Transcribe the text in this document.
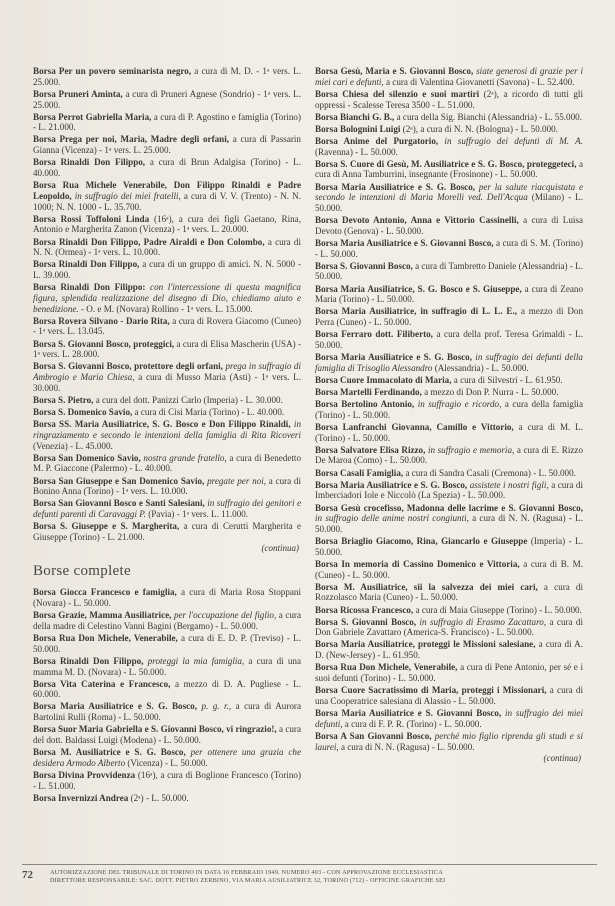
Borsa Per un povero seminarista negro, a cura di M. D. - 1ᵃ vers. L. 25.000.

Borsa Pruneri Aminta, a cura di Pruneri Agnese (Sondrio) - 1ᵃ vers. L. 25.000.

Borsa Perrot Gabriella Maria, a cura di P. Agostino e famiglia (Torino) - L. 21.000.

Borsa Prega per noi, Maria, Madre degli orfani, a cura di Passarin Gianna (Vicenza) - 1ᵃ vers. L. 25.000.

Borsa Rinaldi Don Filippo, a cura di Brun Adalgisa (Torino) - L. 40.000.

Borsa Rua Michele Venerabile, Don Filippo Rinaldi e Padre Leopoldo, in suffragio dei miei fratelli, a cura di V. V. (Trento) - N. N. 1000; N. N. 1000 - L. 35.700.

Borsa Rossi Toffoloni Linda (16ᵃ), a cura dei figli Gaetano, Rina, Antonio e Margherita Zanon (Vicenza) - 1ᵃ vers. L. 20.000.

Borsa Rinaldi Don Filippo, Padre Airaldi e Don Colombo, a cura di N. N. (Ormea) - 1ᵃ vers. L. 10.000.

Borsa Rinaldi Don Filippo, a cura di un gruppo di amici. N. N. 5000 - L. 39.000.

Borsa Rinaldi Don Filippo: con l'intercessione di questa magnifica figura, splendida realizzazione del disegno di Dio, chiediamo aiuto e benedizione. - O. e M. (Novara) Rollino - 1ᵃ vers. L. 15.000.

Borsa Rovera Silvano - Dario Rita, a cura di Rovera Giacomo (Cuneo) - 1ᵃ vers. L. 13.045.

Borsa S. Giovanni Bosco, proteggici, a cura di Elisa Mascherin (USA) - 1ᵃ vers. L. 28.000.

Borsa S. Giovanni Bosco, protettore degli orfani, prega in suffragio di Ambrogio e Maria Chiesa, a cura di Musso Maria (Asti) - 1ᵃ vers. L. 30.000.

Borsa S. Pietro, a cura del dott. Panizzi Carlo (Imperia) - L. 30.000.

Borsa S. Domenico Savio, a cura di Cisi Maria (Torino) - L. 40.000.

Borsa SS. Maria Ausiliatrice, S. G. Bosco e Don Filippo Rinaldi, in ringraziamento e secondo le intenzioni della famiglia di Rita Ricoveri (Venezia) - L. 45.000.

Borsa San Domenico Savio, nostra grande fratello, a cura di Benedetto M. P. Giaccone (Palermo) - L. 40.000.

Borsa San Giuseppe e San Domenico Savio, pregate per noi, a cura di Bonino Anna (Torino) - 1ᵃ vers. L. 10.000.

Borsa San Giovanni Bosco e Santi Salesiani, in suffragio dei genitori e defunti parenti di Caravaggi P. (Pavia) - 1ᵃ vers. L. 11.000.

Borsa S. Giuseppe e S. Margherita, a cura di Cerutti Margherita e Giuseppe (Torino) - L. 21.000.

(continua)
Borse complete

Borsa Giocca Francesco e famiglia, a cura di Maria Rosa Stoppani (Novara) - L. 50.000.

Borsa Grazie, Mamma Ausiliatrice, per l'occupazione del figlio, a cura della madre di Celestino Vanni Bagini (Bergamo) - L. 50.000.

Borsa Rua Don Michele, Venerabile, a cura di E. D. P. (Treviso) - L. 50.000.

Borsa Rinaldi Don Filippo, proteggi la mia famiglia, a cura di una mamma M. D. (Novara) - L. 50.000.

Borsa Vita Caterina e Francesco, a mezzo di D. A. Pugliese - L. 60.000.

Borsa Maria Ausiliatrice e S. G. Bosco, p. g. r., a cura di Aurora Bartolini Rulli (Roma) - L. 50.000.

Borsa Suor Maria Gabriella e S. Giovanni Bosco, vi ringrazio!, a cura del dott. Baldassi Luigi (Modena) - L. 50.000.

Borsa M. Ausiliatrice e S. G. Bosco, per ottenere una grazia che desidera Armodo Alberto (Vicenza) - L. 50.000.

Borsa Divina Provvidenza (16ᵃ), a cura di Boglione Francesco (Torino) - L. 51.000.

Borsa Invernizzi Andrea (2ᵃ) - L. 50.000.

Borsa Gesù, Maria e S. Giovanni Bosco, siate generosi di grazie per i miei cari e defunti, a cura di Valentina Giovanetti (Savona) - L. 52.400.

Borsa Chiesa del silenzio e suoi martiri (2ᵃ), a ricordo di tutti gli oppressi - Scalesse Teresa 3500 - L. 51.000.

Borsa Bianchi G. B., a cura della Sig. Bianchi (Alessandria) - L. 55.000.

Borsa Bolognini Luigi (2ᵃ), a cura di N. N. (Bologna) - L. 50.000.

Borsa Anime del Purgatorio, in suffragio dei defunti di M. A. (Ravenna) - L. 50.000.

Borsa S. Cuore di Gesù, M. Ausiliatrice e S. G. Bosco, proteggeteci, a cura di Anna Tamburrini, insegnante (Frosinone) - L. 50.000.

Borsa Maria Ausiliatrice e S. G. Bosco, per la salute riacquistata e secondo le intenzioni di Maria Morelli ved. Dell'Acqua (Milano) - L. 50.000.

Borsa Devoto Antonio, Anna e Vittorio Cassinelli, a cura di Luisa Devoto (Genova) - L. 50.000.

Borsa Maria Ausiliatrice e S. Giovanni Bosco, a cura di S. M. (Torino) - L. 50.000.

Borsa S. Giovanni Bosco, a cura di Tambretto Daniele (Alessandria) - L. 50.000.

Borsa Maria Ausiliatrice, S. G. Bosco e S. Giuseppe, a cura di Zeano Maria (Torino) - L. 50.000.

Borsa Maria Ausiliatrice, in suffragio di L. L. E., a mezzo di Don Perra (Cuneo) - L. 50.000.

Borsa Ferraro dott. Filiberto, a cura della prof. Teresa Grimaldi - L. 50.000.

Borsa Maria Ausiliatrice e S. G. Bosco, in suffragio dei defunti della famiglia di Trisoglio Alessandro (Alessandria) - L. 50.000.

Borsa Cuore Immacolato di Maria, a cura di Silvestri - L. 61.950.

Borsa Martelli Ferdinando, a mezzo di Don P. Nurra - L. 50.000.

Borsa Bertolino Antonio, in suffragio e ricordo, a cura della famiglia (Torino) - L. 50.000.

Borsa Lanfranchi Giovanna, Camillo e Vittorio, a cura di M. L. (Torino) - L. 50.000.

Borsa Salvatore Elisa Rizzo, in suffragio e memoria, a cura di E. Rizzo De Maroa (Como) - L. 50.000.

Borsa Casali Famiglia, a cura di Sandra Casali (Cremona) - L. 50.000.

Borsa Maria Ausiliatrice e S. G. Bosco, assistete i nostri figli, a cura di Imberciadori Iole e Niccolò (La Spezia) - L. 50.000.

Borsa Gesù crocefisso, Madonna delle lacrime e S. Giovanni Bosco, in suffragio delle anime nostri congiunti, a cura di N. N. (Ragusa) - L. 50.000.

Borsa Briaglio Giacomo, Rina, Giancarlo e Giuseppe (Imperia) - L. 50.000.

Borsa In memoria di Cassino Domenico e Vittoria, a cura di B. M. (Cuneo) - L. 50.000.

Borsa M. Ausiliatrice, sii la salvezza dei miei cari, a cura di Rozzolasco Maria (Cuneo) - L. 50.000.

Borsa Ricossa Francesco, a cura di Maia Giuseppe (Torino) - L. 50.000.

Borsa S. Giovanni Bosco, in suffragio di Erasmo Zacattaro, a cura di Don Gabriele Zavattaro (America-S. Francisco) - L. 50.000.

Borsa Maria Ausiliatrice, proteggi le Missioni salesiane, a cura di A. D. (New-Jersey) - L. 61.950.

Borsa Rua Don Michele, Venerabile, a cura di Pene Antonio, per sé e i suoi defunti (Torino) - L. 50.000.

Borsa Cuore Sacratissimo di Maria, proteggi i Missionari, a cura di una Cooperatrice salesiana di Alassio - L. 50.000.

Borsa Maria Ausiliatrice e S. Giovanni Bosco, in suffragio dei miei defunti, a cura di F. P. R. (Torino) - L. 50.000.

Borsa A San Giovanni Bosco, perché mio figlio riprenda gli studi e si laurei, a cura di N. N. (Ragusa) - L. 50.000.

(continua)
72	AUTORIZZAZIONE DEL TRIBUNALE DI TORINO IN DATA 16 FEBBRAIO 1949. NUMERO 403 - CON APPROVAZIONE ECCLESIASTICA
DIRETTORE RESPONSABILE: SAC. DOTT. PIETRO ZERBINO, VIA MARIA AUSILIATRICE 32, TORINO (712) - OFFICINE GRAFICHE SEI
